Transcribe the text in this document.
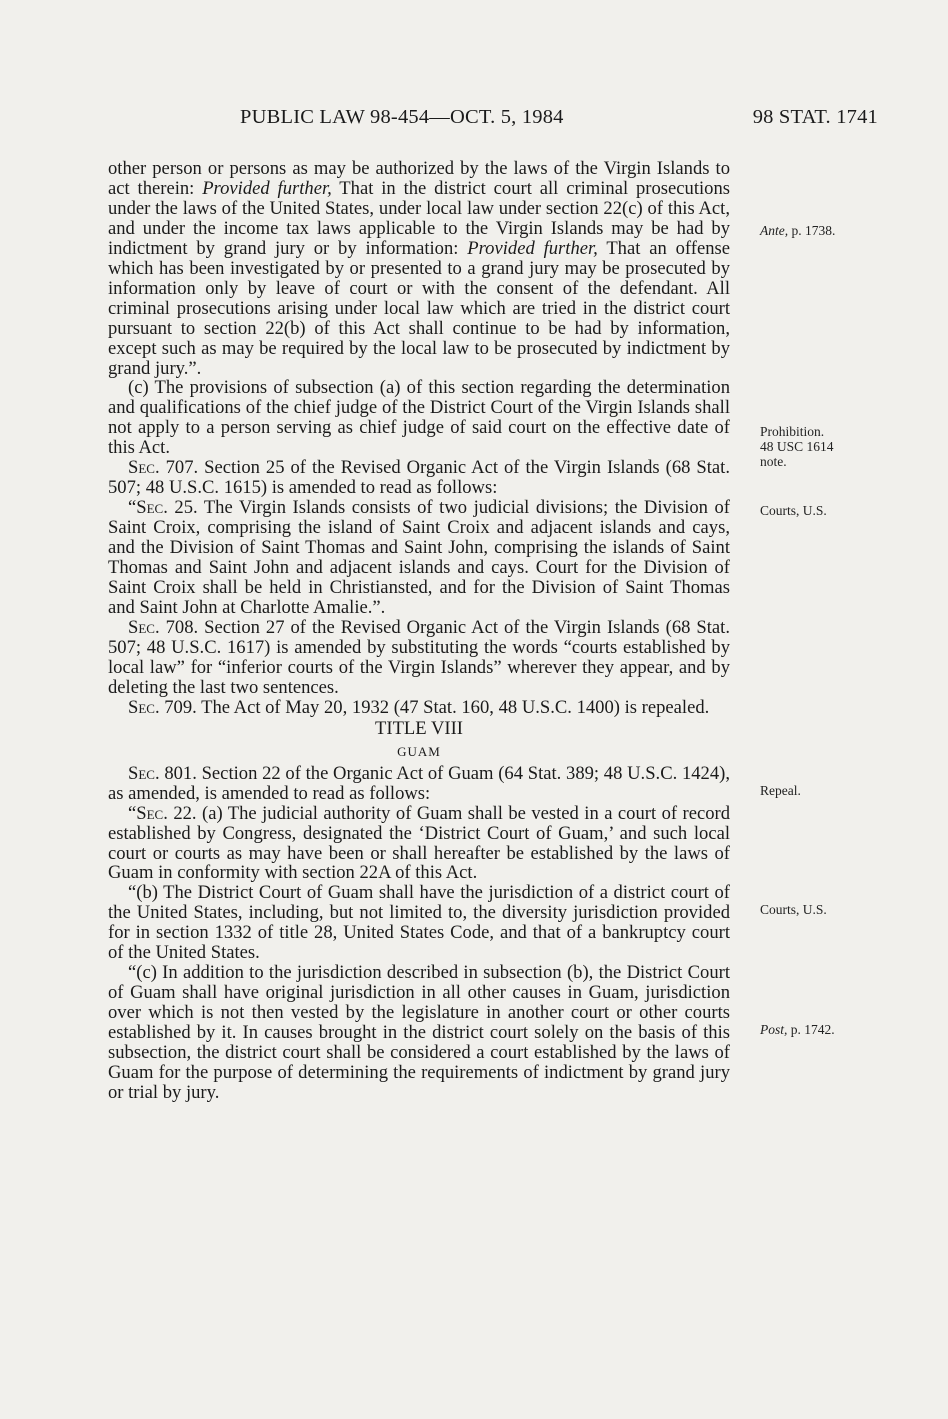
PUBLIC LAW 98-454—OCT. 5, 1984	98 STAT. 1741

other person or persons as may be authorized by the laws of the Virgin Islands to act therein: Provided further, That in the district court all criminal prosecutions under the laws of the United States, under local law under section 22(c) of this Act, and under the income tax laws applicable to the Virgin Islands may be had by indictment by grand jury or by information: Provided further, That an offense which has been investigated by or presented to a grand jury may be prosecuted by information only by leave of court or with the consent of the defendant. All criminal prosecutions arising under local law which are tried in the district court pursuant to section 22(b) of this Act shall continue to be had by information, except such as may be required by the local law to be prosecuted by indictment by grand jury.”.

(c) The provisions of subsection (a) of this section regarding the determination and qualifications of the chief judge of the District Court of the Virgin Islands shall not apply to a person serving as chief judge of said court on the effective date of this Act.

Sec. 707. Section 25 of the Revised Organic Act of the Virgin Islands (68 Stat. 507; 48 U.S.C. 1615) is amended to read as follows:

“Sec. 25. The Virgin Islands consists of two judicial divisions; the Division of Saint Croix, comprising the island of Saint Croix and adjacent islands and cays, and the Division of Saint Thomas and Saint John, comprising the islands of Saint Thomas and Saint John and adjacent islands and cays. Court for the Division of Saint Croix shall be held in Christiansted, and for the Division of Saint Thomas and Saint John at Charlotte Amalie.”.

Sec. 708. Section 27 of the Revised Organic Act of the Virgin Islands (68 Stat. 507; 48 U.S.C. 1617) is amended by substituting the words “courts established by local law” for “inferior courts of the Virgin Islands” wherever they appear, and by deleting the last two sentences.

Sec. 709. The Act of May 20, 1932 (47 Stat. 160, 48 U.S.C. 1400) is repealed.

TITLE VIII

GUAM

Sec. 801. Section 22 of the Organic Act of Guam (64 Stat. 389; 48 U.S.C. 1424), as amended, is amended to read as follows:

“Sec. 22. (a) The judicial authority of Guam shall be vested in a court of record established by Congress, designated the ‘District Court of Guam,’ and such local court or courts as may have been or shall hereafter be established by the laws of Guam in conformity with section 22A of this Act.

“(b) The District Court of Guam shall have the jurisdiction of a district court of the United States, including, but not limited to, the diversity jurisdiction provided for in section 1332 of title 28, United States Code, and that of a bankruptcy court of the United States.

“(c) In addition to the jurisdiction described in subsection (b), the District Court of Guam shall have original jurisdiction in all other causes in Guam, jurisdiction over which is not then vested by the legislature in another court or other courts established by it. In causes brought in the district court solely on the basis of this subsection, the district court shall be considered a court established by the laws of Guam for the purpose of determining the requirements of indictment by grand jury or trial by jury.

Ante, p. 1738.
Prohibition.
48 USC 1614
note.
Courts, U.S.
Repeal.
Courts, U.S.
Post, p. 1742.
